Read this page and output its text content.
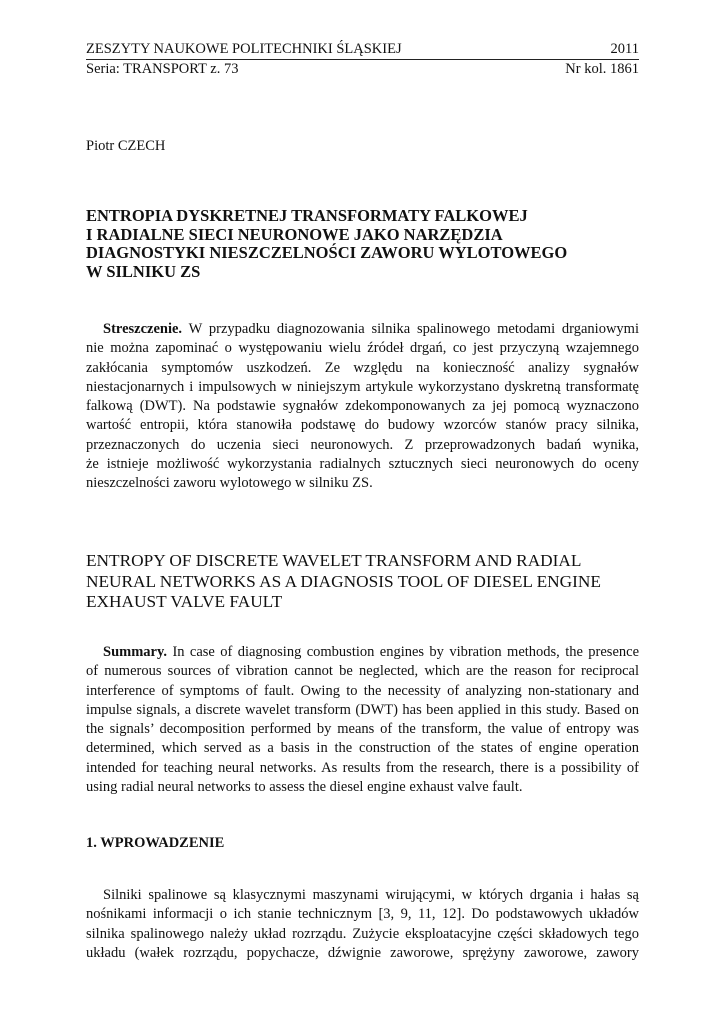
ZESZYTY NAUKOWE POLITECHNIKI ŚLĄSKIEJ	2011
Seria: TRANSPORT z. 73	Nr kol. 1861
Piotr CZECH
ENTROPIA DYSKRETNEJ TRANSFORMATY FALKOWEJ
I RADIALNE SIECI NEURONOWE JAKO NARZĘDZIA
DIAGNOSTYKI NIESZCZELNOŚCI ZAWORU WYLOTOWEGO
W SILNIKU ZS
Streszczenie. W przypadku diagnozowania silnika spalinowego metodami drganiowymi
nie można zapominać o występowaniu wielu źródeł drgań, co jest przyczyną wzajemnego
zakłócania symptomów uszkodzeń. Ze względu na konieczność analizy sygnałów
niestacjonarnych i impulsowych w niniejszym artykule wykorzystano dyskretną transformatę
falkową (DWT). Na podstawie sygnałów zdekomponowanych za jej pomocą wyznaczono
wartość entropii, która stanowiła podstawę do budowy wzorców stanów pracy silnika,
przeznaczonych do uczenia sieci neuronowych. Z przeprowadzonych badań wynika,
że istnieje możliwość wykorzystania radialnych sztucznych sieci neuronowych do oceny
nieszczelności zaworu wylotowego w silniku ZS.
ENTROPY OF DISCRETE WAVELET TRANSFORM AND RADIAL
NEURAL NETWORKS AS A DIAGNOSIS TOOL OF DIESEL ENGINE
EXHAUST VALVE FAULT
Summary. In case of diagnosing combustion engines by vibration methods, the presence
of numerous sources of vibration cannot be neglected, which are the reason for reciprocal
interference of symptoms of fault. Owing to the necessity of analyzing non-stationary and
impulse signals, a discrete wavelet transform (DWT) has been applied in this study. Based on
the signals’ decomposition performed by means of the transform, the value of entropy was
determined, which served as a basis in the construction of the states of engine operation
intended for teaching neural networks. As results from the research, there is a possibility of
using radial neural networks to assess the diesel engine exhaust valve fault.
1. WPROWADZENIE
Silniki spalinowe są klasycznymi maszynami wirującymi, w których drgania i hałas są
nośnikami informacji o ich stanie technicznym [3, 9, 11, 12]. Do podstawowych układów
silnika spalinowego należy układ rozrządu. Zużycie eksploatacyjne części składowych tego
układu (wałek rozrządu, popychacze, dźwignie zaworowe, sprężyny zaworowe, zawory
